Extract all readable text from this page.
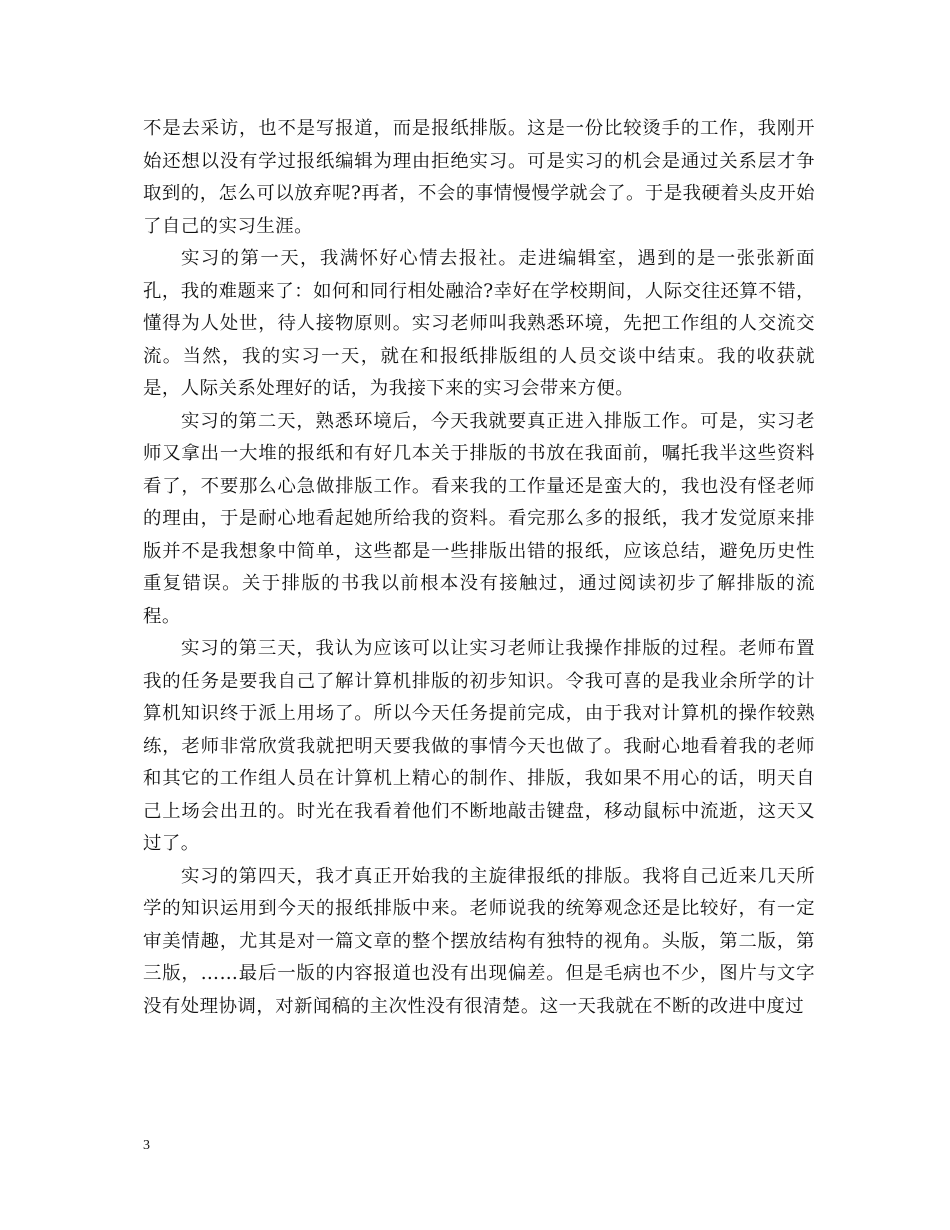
不是去采访，也不是写报道，而是报纸排版。这是一份比较烫手的工作，我刚开始还想以没有学过报纸编辑为理由拒绝实习。可是实习的机会是通过关系层才争取到的，怎么可以放弃呢?再者，不会的事情慢慢学就会了。于是我硬着头皮开始了自己的实习生涯。

实习的第一天，我满怀好心情去报社。走进编辑室，遇到的是一张张新面孔，我的难题来了：如何和同行相处融洽?幸好在学校期间，人际交往还算不错，懂得为人处世，待人接物原则。实习老师叫我熟悉环境，先把工作组的人交流交流。当然，我的实习一天，就在和报纸排版组的人员交谈中结束。我的收获就是，人际关系处理好的话，为我接下来的实习会带来方便。

实习的第二天，熟悉环境后，今天我就要真正进入排版工作。可是，实习老师又拿出一大堆的报纸和有好几本关于排版的书放在我面前，嘱托我半这些资料看了，不要那么心急做排版工作。看来我的工作量还是蛮大的，我也没有怪老师的理由，于是耐心地看起她所给我的资料。看完那么多的报纸，我才发觉原来排版并不是我想象中简单，这些都是一些排版出错的报纸，应该总结，避免历史性重复错误。关于排版的书我以前根本没有接触过，通过阅读初步了解排版的流程。

实习的第三天，我认为应该可以让实习老师让我操作排版的过程。老师布置我的任务是要我自己了解计算机排版的初步知识。令我可喜的是我业余所学的计算机知识终于派上用场了。所以今天任务提前完成，由于我对计算机的操作较熟练，老师非常欣赏我就把明天要我做的事情今天也做了。我耐心地看着我的老师和其它的工作组人员在计算机上精心的制作、排版，我如果不用心的话，明天自己上场会出丑的。时光在我看着他们不断地敲击键盘，移动鼠标中流逝，这天又过了。

实习的第四天，我才真正开始我的主旋律报纸的排版。我将自己近来几天所学的知识运用到今天的报纸排版中来。老师说我的统筹观念还是比较好，有一定审美情趣，尤其是对一篇文章的整个摆放结构有独特的视角。头版，第二版，第三版，……最后一版的内容报道也没有出现偏差。但是毛病也不少，图片与文字没有处理协调，对新闻稿的主次性没有很清楚。这一天我就在不断的改进中度过

3
